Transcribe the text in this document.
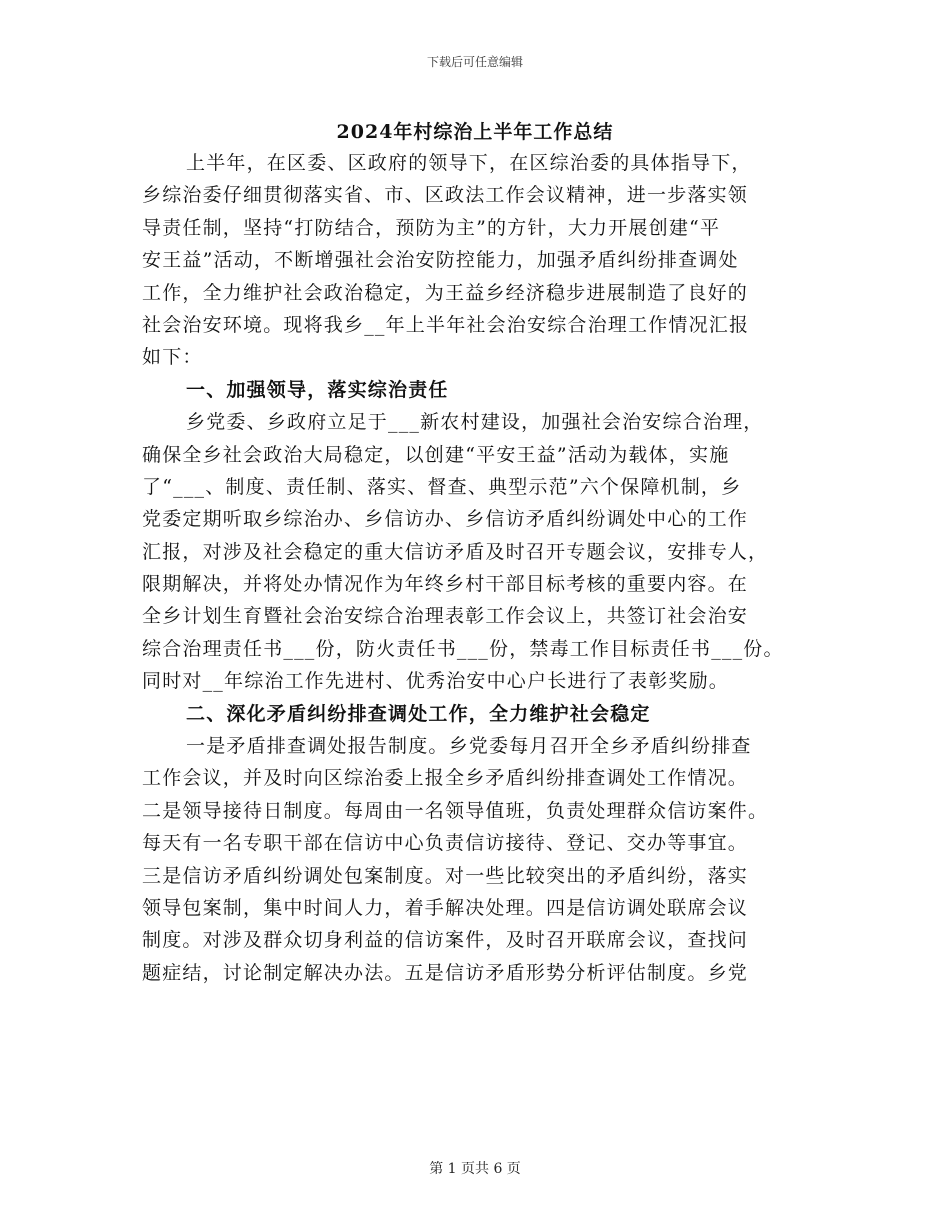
下载后可任意编辑
2024年村综治上半年工作总结
上半年，在区委、区政府的领导下，在区综治委的具体指导下，
乡综治委仔细贯彻落实省、市、区政法工作会议精神，进一步落实领
导责任制，坚持“打防结合，预防为主”的方针，大力开展创建“平
安王益”活动，不断增强社会治安防控能力，加强矛盾纠纷排查调处
工作，全力维护社会政治稳定，为王益乡经济稳步进展制造了良好的
社会治安环境。现将我乡__年上半年社会治安综合治理工作情况汇报
如下：
一、加强领导，落实综治责任
乡党委、乡政府立足于___新农村建设，加强社会治安综合治理，
确保全乡社会政治大局稳定，以创建“平安王益”活动为载体，实施
了“___、制度、责任制、落实、督查、典型示范”六个保障机制，乡
党委定期听取乡综治办、乡信访办、乡信访矛盾纠纷调处中心的工作
汇报，对涉及社会稳定的重大信访矛盾及时召开专题会议，安排专人，
限期解决，并将处办情况作为年终乡村干部目标考核的重要内容。在
全乡计划生育暨社会治安综合治理表彰工作会议上，共签订社会治安
综合治理责任书___份，防火责任书___份，禁毒工作目标责任书___份。
同时对__年综治工作先进村、优秀治安中心户长进行了表彰奖励。
二、深化矛盾纠纷排查调处工作，全力维护社会稳定
一是矛盾排查调处报告制度。乡党委每月召开全乡矛盾纠纷排查
工作会议，并及时向区综治委上报全乡矛盾纠纷排查调处工作情况。
二是领导接待日制度。每周由一名领导值班，负责处理群众信访案件。
每天有一名专职干部在信访中心负责信访接待、登记、交办等事宜。
三是信访矛盾纠纷调处包案制度。对一些比较突出的矛盾纠纷，落实
领导包案制，集中时间人力，着手解决处理。四是信访调处联席会议
制度。对涉及群众切身利益的信访案件，及时召开联席会议，查找问
题症结，讨论制定解决办法。五是信访矛盾形势分析评估制度。乡党
第 1 页共 6 页
